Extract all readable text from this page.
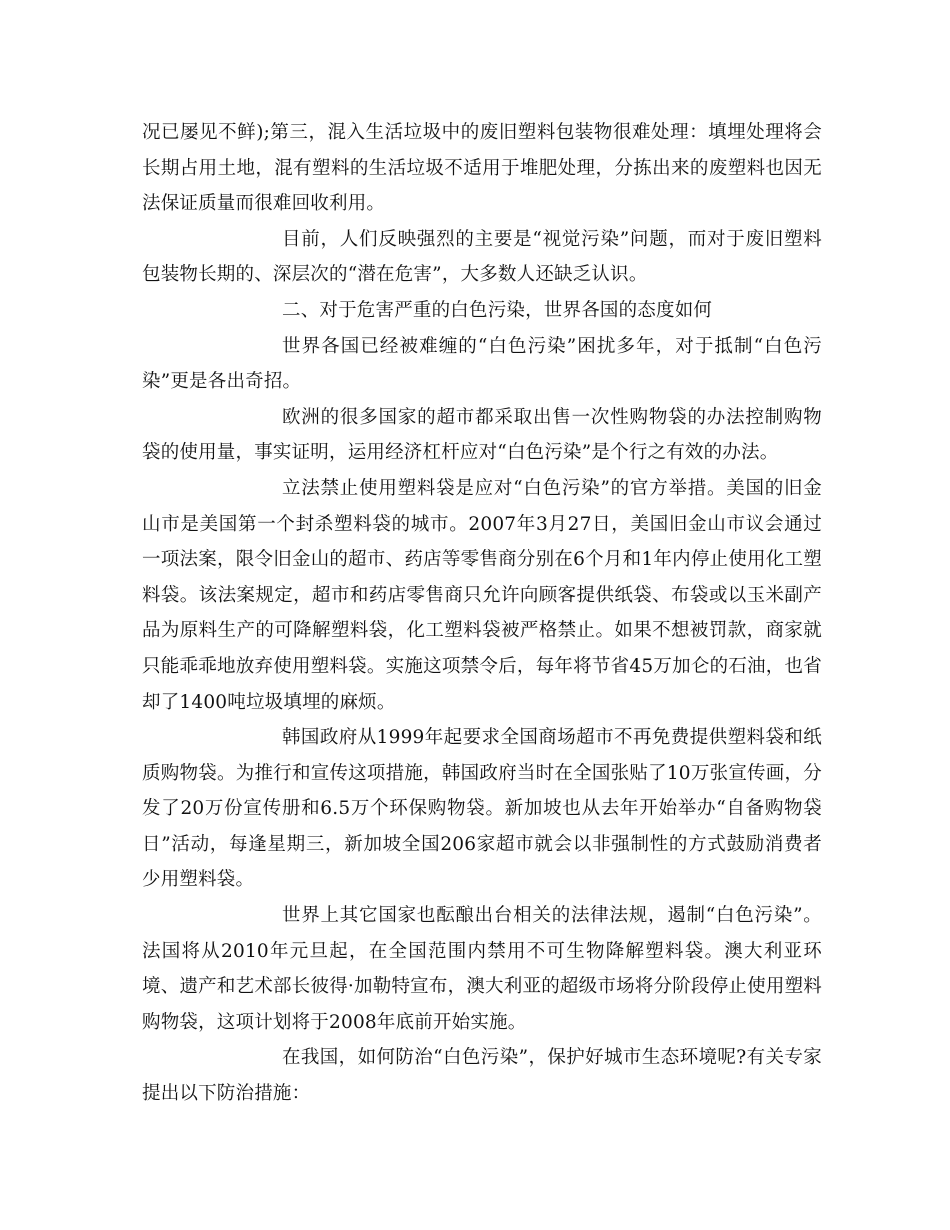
况已屡见不鲜);第三，混入生活垃圾中的废旧塑料包装物很难处理：填埋处理将会长期占用土地，混有塑料的生活垃圾不适用于堆肥处理，分拣出来的废塑料也因无法保证质量而很难回收利用。

目前，人们反映强烈的主要是“视觉污染”问题，而对于废旧塑料包装物长期的、深层次的“潜在危害”，大多数人还缺乏认识。

二、对于危害严重的白色污染，世界各国的态度如何

世界各国已经被难缠的“白色污染”困扰多年，对于抵制“白色污染”更是各出奇招。

欧洲的很多国家的超市都采取出售一次性购物袋的办法控制购物袋的使用量，事实证明，运用经济杠杆应对“白色污染”是个行之有效的办法。

立法禁止使用塑料袋是应对“白色污染”的官方举措。美国的旧金山市是美国第一个封杀塑料袋的城市。2007年3月27日，美国旧金山市议会通过一项法案，限令旧金山的超市、药店等零售商分别在6个月和1年内停止使用化工塑料袋。该法案规定，超市和药店零售商只允许向顾客提供纸袋、布袋或以玉米副产品为原料生产的可降解塑料袋，化工塑料袋被严格禁止。如果不想被罚款，商家就只能乖乖地放弃使用塑料袋。实施这项禁令后，每年将节省45万加仑的石油，也省却了1400吨垃圾填埋的麻烦。

韩国政府从1999年起要求全国商场超市不再免费提供塑料袋和纸质购物袋。为推行和宣传这项措施，韩国政府当时在全国张贴了10万张宣传画，分发了20万份宣传册和6.5万个环保购物袋。新加坡也从去年开始举办“自备购物袋日”活动，每逢星期三，新加坡全国206家超市就会以非强制性的方式鼓励消费者少用塑料袋。

世界上其它国家也酝酿出台相关的法律法规，遏制“白色污染”。法国将从2010年元旦起，在全国范围内禁用不可生物降解塑料袋。澳大利亚环境、遗产和艺术部长彼得·加勒特宣布，澳大利亚的超级市场将分阶段停止使用塑料购物袋，这项计划将于2008年底前开始实施。

在我国，如何防治“白色污染”，保护好城市生态环境呢?有关专家提出以下防治措施：
